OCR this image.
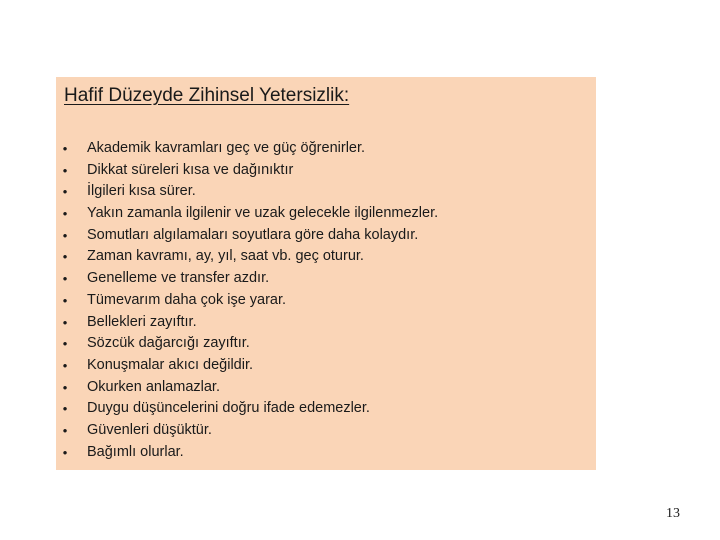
Hafif Düzeyde Zihinsel Yetersizlik:
• Akademik kavramları geç ve güç öğrenirler.
• Dikkat süreleri kısa ve dağınıktır
• İlgileri kısa sürer.
• Yakın zamanla ilgilenir ve uzak gelecekle ilgilenmezler.
• Somutları algılamaları soyutlara göre daha kolaydır.
• Zaman kavramı, ay, yıl, saat vb. geç oturur.
• Genelleme ve transfer azdır.
• Tümevarım daha çok işe yarar.
• Bellekleri zayıftır.
• Sözcük dağarcığı zayıftır.
• Konuşmalar akıcı değildir.
• Okurken anlamazlar.
• Duygu düşüncelerini doğru ifade edemezler.
• Güvenleri düşüktür.
• Bağımlı olurlar.
13
